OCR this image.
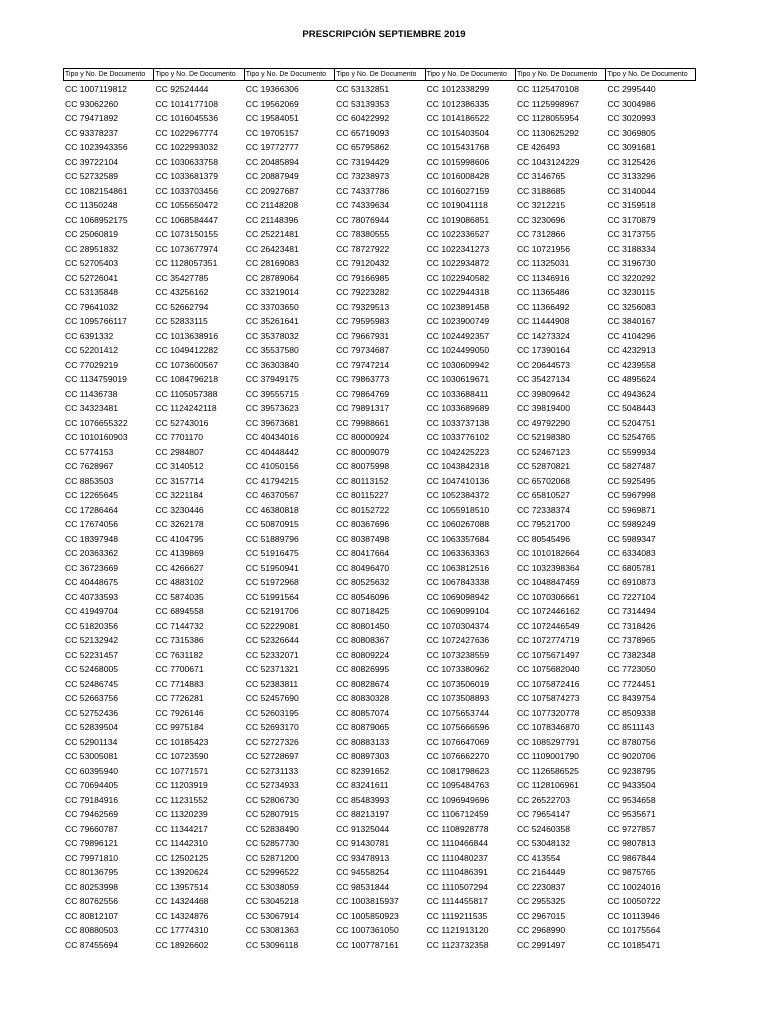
PRESCRIPCIÓN SEPTIEMBRE 2019
Tipo y No. De Documento	Tipo y No. De Documento	Tipo y No. De Documento	Tipo y No. De Documento	Tipo y No. De Documento	Tipo y No. De Documento	Tipo y No. De Documento
CC 1007119812	CC 92524444	CC 19366306	CC 53132851	CC 1012338299	CC 1125470108	CC 2995440
CC 93062260	CC 1014177108	CC 19562069	CC 53139353	CC 1012386335	CC 1125998967	CC 3004986
CC 79471892	CC 1016045536	CC 19584051	CC 60422992	CC 1014186522	CC 1128055954	CC 3020993
CC 93378237	CC 1022967774	CC 19705157	CC 65719093	CC 1015403504	CC 1130625292	CC 3069805
CC 1023943356	CC 1022993032	CC 19772777	CC 65795862	CC 1015431768	CE 426493	CC 3091681
CC 39722104	CC 1030633758	CC 20485894	CC 73194429	CC 1015998606	CC 1043124229	CC 3125426
CC 52732589	CC 1033681379	CC 20887949	CC 73238973	CC 1016008428	CC 3146765	CC 3133296
CC 1082154861	CC 1033703456	CC 20927687	CC 74337786	CC 1016027159	CC 3188685	CC 3140044
CC 11350248	CC 1055650472	CC 21148208	CC 74339634	CC 1019041118	CC 3212215	CC 3159518
CC 1068952175	CC 1068584447	CC 21148396	CC 78076944	CC 1019086851	CC 3230696	CC 3170879
CC 25060819	CC 1073150155	CC 25221481	CC 78380555	CC 1022336527	CC 7312866	CC 3173755
CC 28951832	CC 1073677974	CC 26423481	CC 78727922	CC 1022341273	CC 10721956	CC 3188334
CC 52705403	CC 1128057351	CC 28169083	CC 79120432	CC 1022934872	CC 11325031	CC 3196730
CC 52726041	CC 35427785	CC 28789064	CC 79166985	CC 1022940582	CC 11346916	CC 3220292
CC 53135848	CC 43256162	CC 33219014	CC 79223282	CC 1022944318	CC 11365486	CC 3230115
CC 79641032	CC 52662794	CC 33703650	CC 79329513	CC 1023891458	CC 11366492	CC 3256083
CC 1095766117	CC 52833115	CC 35261641	CC 79595983	CC 1023900749	CC 11444908	CC 3840167
CC 6391332	CC 1013638916	CC 35378032	CC 79667931	CC 1024492357	CC 14273324	CC 4104296
CC 52201412	CC 1049412282	CC 35537580	CC 79734687	CC 1024499050	CC 17390164	CC 4232913
CC 77029219	CC 1073600567	CC 36303840	CC 79747214	CC 1030609942	CC 20644573	CC 4239558
CC 1134759019	CC 1084796218	CC 37949175	CC 79863773	CC 1030619671	CC 35427134	CC 4895624
CC 11436738	CC 1105057388	CC 39555715	CC 79864769	CC 1033688411	CC 39809642	CC 4943624
CC 34323481	CC 1124242118	CC 39573623	CC 79891317	CC 1033689689	CC 39819400	CC 5048443
CC 1076655322	CC 52743016	CC 39673681	CC 79988661	CC 1033737138	CC 49792290	CC 5204751
CC 1010160903	CC 7701170	CC 40434016	CC 80000924	CC 1033776102	CC 52198380	CC 5254765
CC 5774153	CC 2984807	CC 40448442	CC 80009079	CC 1042425223	CC 52467123	CC 5599934
CC 7628967	CC 3140512	CC 41050156	CC 80075998	CC 1043842318	CC 52870821	CC 5827487
CC 8853503	CC 3157714	CC 41794215	CC 80113152	CC 1047410136	CC 65702068	CC 5925495
CC 12265645	CC 3221184	CC 46370567	CC 80115227	CC 1052384372	CC 65810527	CC 5967998
CC 17286464	CC 3230446	CC 46380818	CC 80152722	CC 1055918510	CC 72338374	CC 5969871
CC 17674056	CC 3262178	CC 50870915	CC 80367696	CC 1060267088	CC 79521700	CC 5989249
CC 18397948	CC 4104795	CC 51889796	CC 80387498	CC 1063357684	CC 80545496	CC 5989347
CC 20363362	CC 4139869	CC 51916475	CC 80417664	CC 1063363363	CC 1010182664	CC 6334083
CC 36723669	CC 4266627	CC 51950941	CC 80496470	CC 1063812516	CC 1032398364	CC 6805781
CC 40448675	CC 4883102	CC 51972968	CC 80525632	CC 1067843338	CC 1048847459	CC 6910873
CC 40733593	CC 5874035	CC 51991564	CC 80546096	CC 1069098942	CC 1070306661	CC 7227104
CC 41949704	CC 6894558	CC 52191706	CC 80718425	CC 1069099104	CC 1072446162	CC 7314494
CC 51820356	CC 7144732	CC 52229081	CC 80801450	CC 1070304374	CC 1072446549	CC 7318426
CC 52132942	CC 7315386	CC 52326644	CC 80808367	CC 1072427636	CC 1072774719	CC 7378965
CC 52231457	CC 7631182	CC 52332071	CC 80809224	CC 1073238559	CC 1075671497	CC 7382348
CC 52468005	CC 7700671	CC 52371321	CC 80826995	CC 1073380962	CC 1075682040	CC 7723050
CC 52486745	CC 7714883	CC 52383811	CC 80828674	CC 1073506019	CC 1075872416	CC 7724451
CC 52663756	CC 7726281	CC 52457690	CC 80830328	CC 1073508893	CC 1075874273	CC 8439754
CC 52752436	CC 7926146	CC 52603195	CC 80857074	CC 1075653744	CC 1077320778	CC 8509338
CC 52839504	CC 9975184	CC 52693170	CC 80879065	CC 1075666596	CC 1078346870	CC 8511143
CC 52901134	CC 10185423	CC 52727326	CC 80883133	CC 1076647069	CC 1085297791	CC 8780756
CC 53005081	CC 10723590	CC 52728697	CC 80897303	CC 1076662270	CC 1109001790	CC 9020706
CC 60395940	CC 10771571	CC 52731133	CC 82391652	CC 1081798623	CC 1126586525	CC 9238795
CC 70694405	CC 11203919	CC 52734933	CC 83241611	CC 1095484763	CC 1128106961	CC 9433504
CC 79184916	CC 11231552	CC 52806730	CC 85483993	CC 1096949696	CC 26522703	CC 9534658
CC 79462569	CC 11320239	CC 52807915	CC 88213197	CC 1106712459	CC 79654147	CC 9535671
CC 79660787	CC 11344217	CC 52838490	CC 91325044	CC 1108928778	CC 52460358	CC 9727857
CC 79896121	CC 11442310	CC 52857730	CC 91430781	CC 1110466844	CC 53048132	CC 9807813
CC 79971810	CC 12502125	CC 52871200	CC 93478913	CC 1110480237	CC 413554	CC 9867844
CC 80136795	CC 13920624	CC 52996522	CC 94558254	CC 1110486391	CC 2164449	CC 9875765
CC 80253998	CC 13957514	CC 53038059	CC 98531844	CC 1110507294	CC 2230837	CC 10024016
CC 80762556	CC 14324468	CC 53045218	CC 1003815937	CC 1114455817	CC 2955325	CC 10050722
CC 80812107	CC 14324876	CC 53067914	CC 1005850923	CC 1119211535	CC 2967015	CC 10113946
CC 80880503	CC 17774310	CC 53081363	CC 1007361050	CC 1121913120	CC 2968990	CC 10175564
CC 87455694	CC 18926602	CC 53096118	CC 1007787161	CC 1123732358	CC 2991497	CC 10185471
